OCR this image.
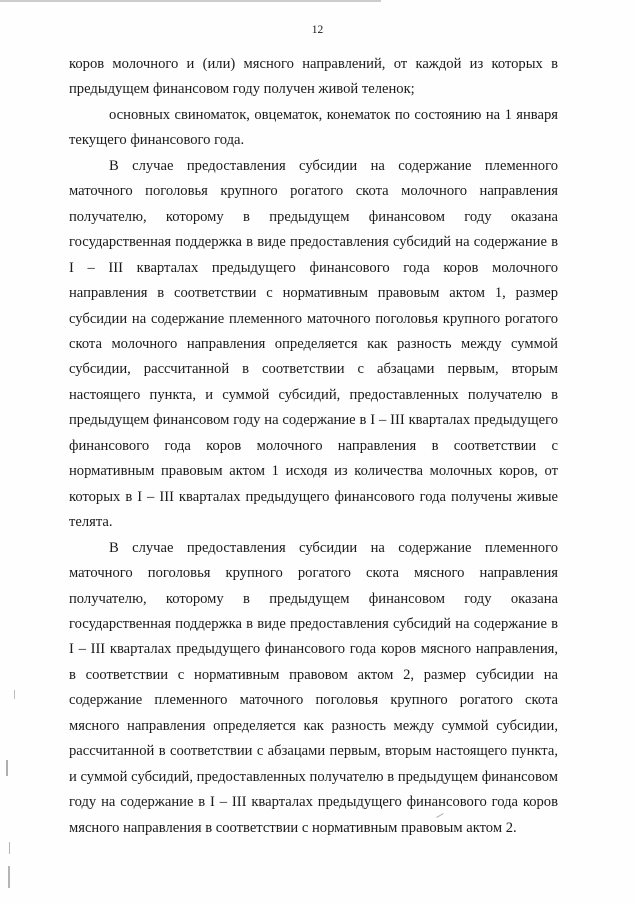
12

коров молочного и (или) мясного направлений, от каждой из которых в предыдущем финансовом году получен живой теленок;

основных свиноматок, овцематок, конематок по состоянию на 1 января текущего финансового года.

В случае предоставления субсидии на содержание племенного маточного поголовья крупного рогатого скота молочного направления получателю, которому в предыдущем финансовом году оказана государственная поддержка в виде предоставления субсидий на содержание в I – III кварталах предыдущего финансового года коров молочного направления в соответствии с нормативным правовым актом 1, размер субсидии на содержание племенного маточного поголовья крупного рогатого скота молочного направления определяется как разность между суммой субсидии, рассчитанной в соответствии с абзацами первым, вторым настоящего пункта, и суммой субсидий, предоставленных получателю в предыдущем финансовом году на содержание в I – III кварталах предыдущего финансового года коров молочного направления в соответствии с нормативным правовым актом 1 исходя из количества молочных коров, от которых в I – III кварталах предыдущего финансового года получены живые телята.

В случае предоставления субсидии на содержание племенного маточного поголовья крупного рогатого скота мясного направления получателю, которому в предыдущем финансовом году оказана государственная поддержка в виде предоставления субсидий на содержание в I – III кварталах предыдущего финансового года коров мясного направления, в соответствии с нормативным правовом актом 2, размер субсидии на содержание племенного маточного поголовья крупного рогатого скота мясного направления определяется как разность между суммой субсидии, рассчитанной в соответствии с абзацами первым, вторым настоящего пункта, и суммой субсидий, предоставленных получателю в предыдущем финансовом году на содержание в I – III кварталах предыдущего финансового года коров мясного направления в соответствии с нормативным правовым актом 2.
